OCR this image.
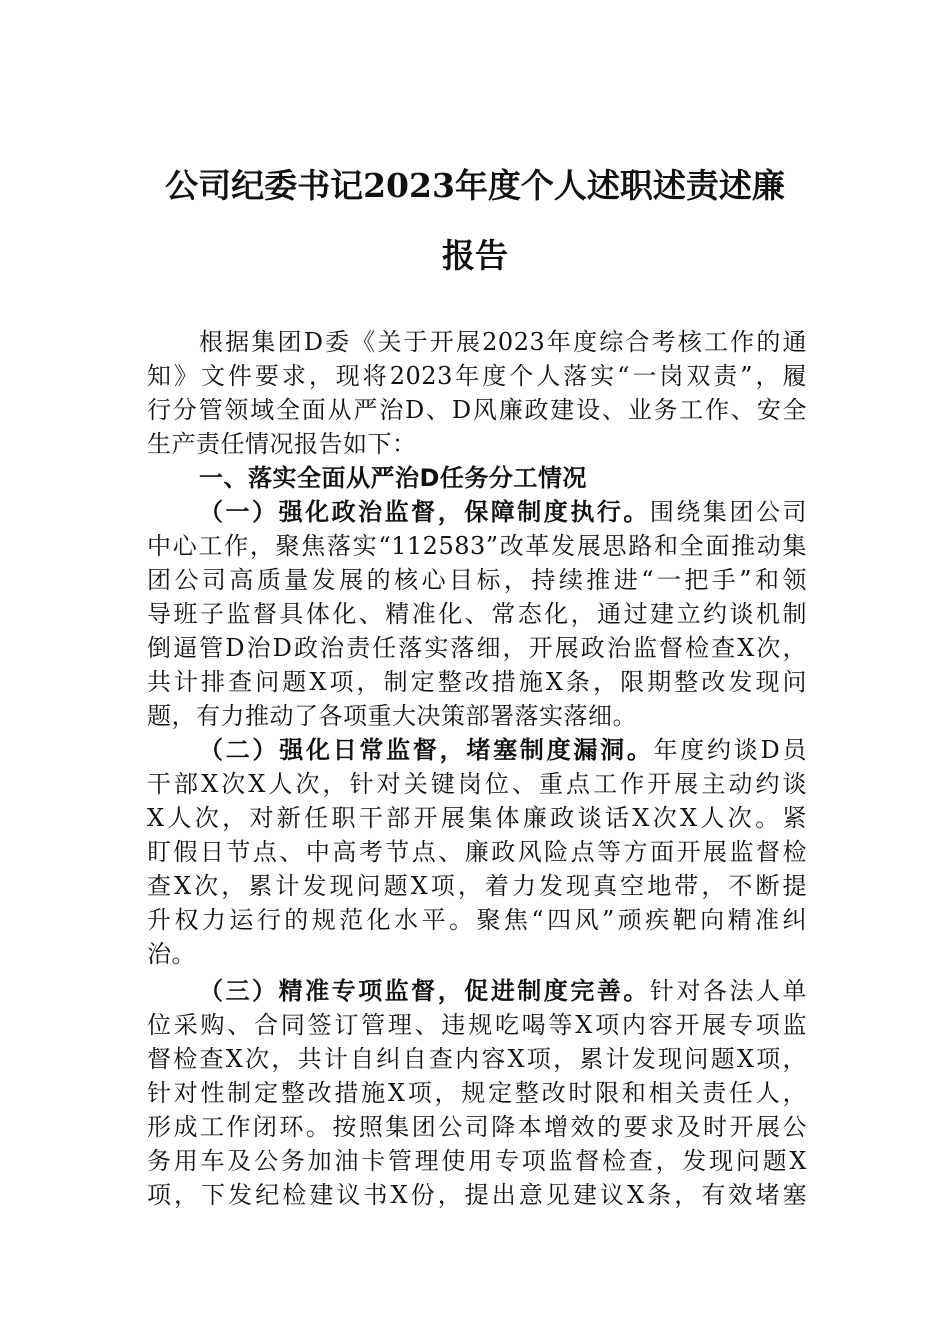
公司纪委书记2023年度个人述职述责述廉
报告
根据集团D委《关于开展2023年度综合考核工作的通
知》文件要求，现将2023年度个人落实“一岗双责”，履
行分管领域全面从严治D、D风廉政建设、业务工作、安全
生产责任情况报告如下：
一、落实全面从严治D任务分工情况
（一）强化政治监督，保障制度执行。围绕集团公司
中心工作，聚焦落实“112583”改革发展思路和全面推动集
团公司高质量发展的核心目标，持续推进“一把手”和领
导班子监督具体化、精准化、常态化，通过建立约谈机制
倒逼管D治D政治责任落实落细，开展政治监督检查X次，
共计排查问题X项，制定整改措施X条，限期整改发现问
题，有力推动了各项重大决策部署落实落细。
（二）强化日常监督，堵塞制度漏洞。年度约谈D员
干部X次X人次，针对关键岗位、重点工作开展主动约谈
X人次，对新任职干部开展集体廉政谈话X次X人次。紧
盯假日节点、中高考节点、廉政风险点等方面开展监督检
查X次，累计发现问题X项，着力发现真空地带，不断提
升权力运行的规范化水平。聚焦“四风”顽疾靶向精准纠
治。
（三）精准专项监督，促进制度完善。针对各法人单
位采购、合同签订管理、违规吃喝等X项内容开展专项监
督检查X次，共计自纠自查内容X项，累计发现问题X项，
针对性制定整改措施X项，规定整改时限和相关责任人，
形成工作闭环。按照集团公司降本增效的要求及时开展公
务用车及公务加油卡管理使用专项监督检查，发现问题X
项，下发纪检建议书X份，提出意见建议X条，有效堵塞
